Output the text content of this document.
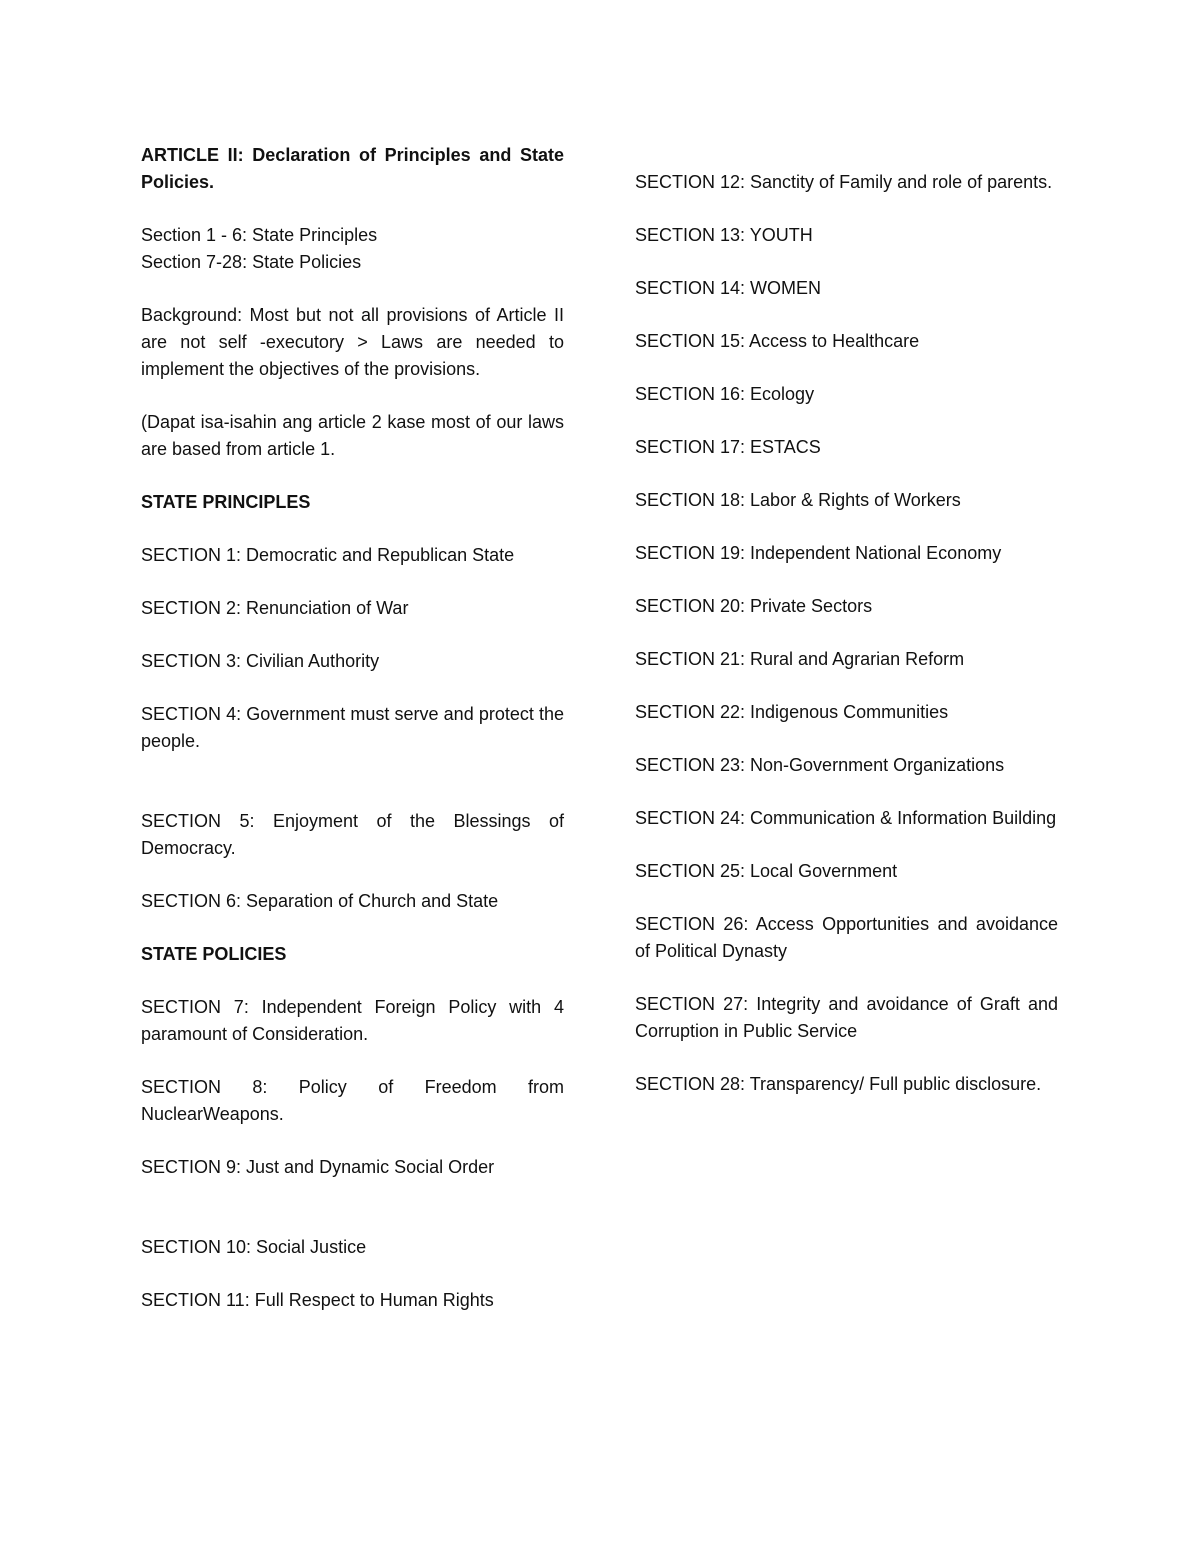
ARTICLE II: Declaration of Principles and State Policies.

Section 1 - 6: State Principles

Section 7-28: State Policies

Background: Most but not all provisions of Article II are not self -executory > Laws are needed to implement the objectives of the provisions.

(Dapat isa-isahin ang article 2 kase most of our laws are based from article 1.

STATE PRINCIPLES

SECTION 1: Democratic and Republican State

SECTION 2: Renunciation of War

SECTION 3: Civilian Authority

SECTION 4: Government must serve and protect the people.

SECTION 5: Enjoyment of the Blessings of Democracy.

SECTION 6: Separation of Church and State

STATE POLICIES

SECTION 7: Independent Foreign Policy with 4 paramount of Consideration.

SECTION 8: Policy of Freedom from NuclearWeapons.

SECTION 9: Just and Dynamic Social Order

SECTION 10: Social Justice

SECTION 11: Full Respect to Human Rights

SECTION 12: Sanctity of Family and role of parents.

SECTION 13: YOUTH

SECTION 14: WOMEN

SECTION 15: Access to Healthcare

SECTION 16: Ecology

SECTION 17: ESTACS

SECTION 18: Labor & Rights of Workers

SECTION 19: Independent National Economy

SECTION 20: Private Sectors

SECTION 21: Rural and Agrarian Reform

SECTION 22: Indigenous Communities

SECTION 23: Non-Government Organizations

SECTION 24: Communication & Information Building

SECTION 25: Local Government

SECTION 26: Access Opportunities and avoidance of Political Dynasty

SECTION 27: Integrity and avoidance of Graft and Corruption in Public Service

SECTION 28: Transparency/ Full public disclosure.
